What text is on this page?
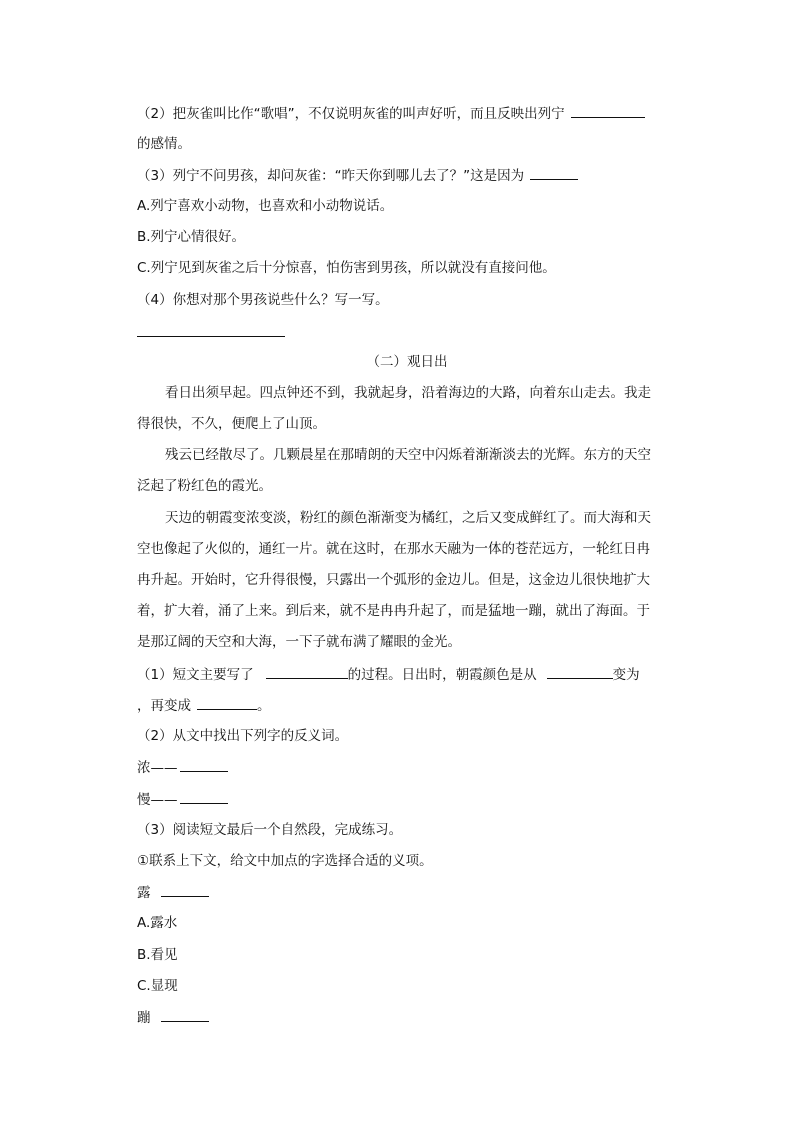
（2）把灰雀叫比作“歌唱”，不仅说明灰雀的叫声好听，而且反映出列宁
的感情。
（3）列宁不问男孩，却问灰雀：“昨天你到哪儿去了？”这是因为
A.列宁喜欢小动物，也喜欢和小动物说话。
B.列宁心情很好。
C.列宁见到灰雀之后十分惊喜，怕伤害到男孩，所以就没有直接问他。
（4）你想对那个男孩说些什么？写一写。
（二）观日出
看日出须早起。四点钟还不到，我就起身，沿着海边的大路，向着东山走去。我走
得很快，不久，便爬上了山顶。
残云已经散尽了。几颗晨星在那晴朗的天空中闪烁着渐渐淡去的光辉。东方的天空
泛起了粉红色的霞光。
天边的朝霞变浓变淡，粉红的颜色渐渐变为橘红，之后又变成鲜红了。而大海和天
空也像起了火似的，通红一片。就在这时，在那水天融为一体的苍茫远方，一轮红日冉
冉升起。开始时，它升得很慢，只露出一个弧形的金边儿。但是，这金边儿很快地扩大
着，扩大着，涌了上来。到后来，就不是冉冉升起了，而是猛地一蹦，就出了海面。于
是那辽阔的天空和大海，一下子就布满了耀眼的金光。
（1）短文主要写了	的过程。日出时，朝霞颜色是从	变为
，再变成	。
（2）从文中找出下列字的反义词。
浓——
慢——
（3）阅读短文最后一个自然段，完成练习。
①联系上下文，给文中加点的字选择合适的义项。
露
A.露水
B.看见
C.显现
蹦
